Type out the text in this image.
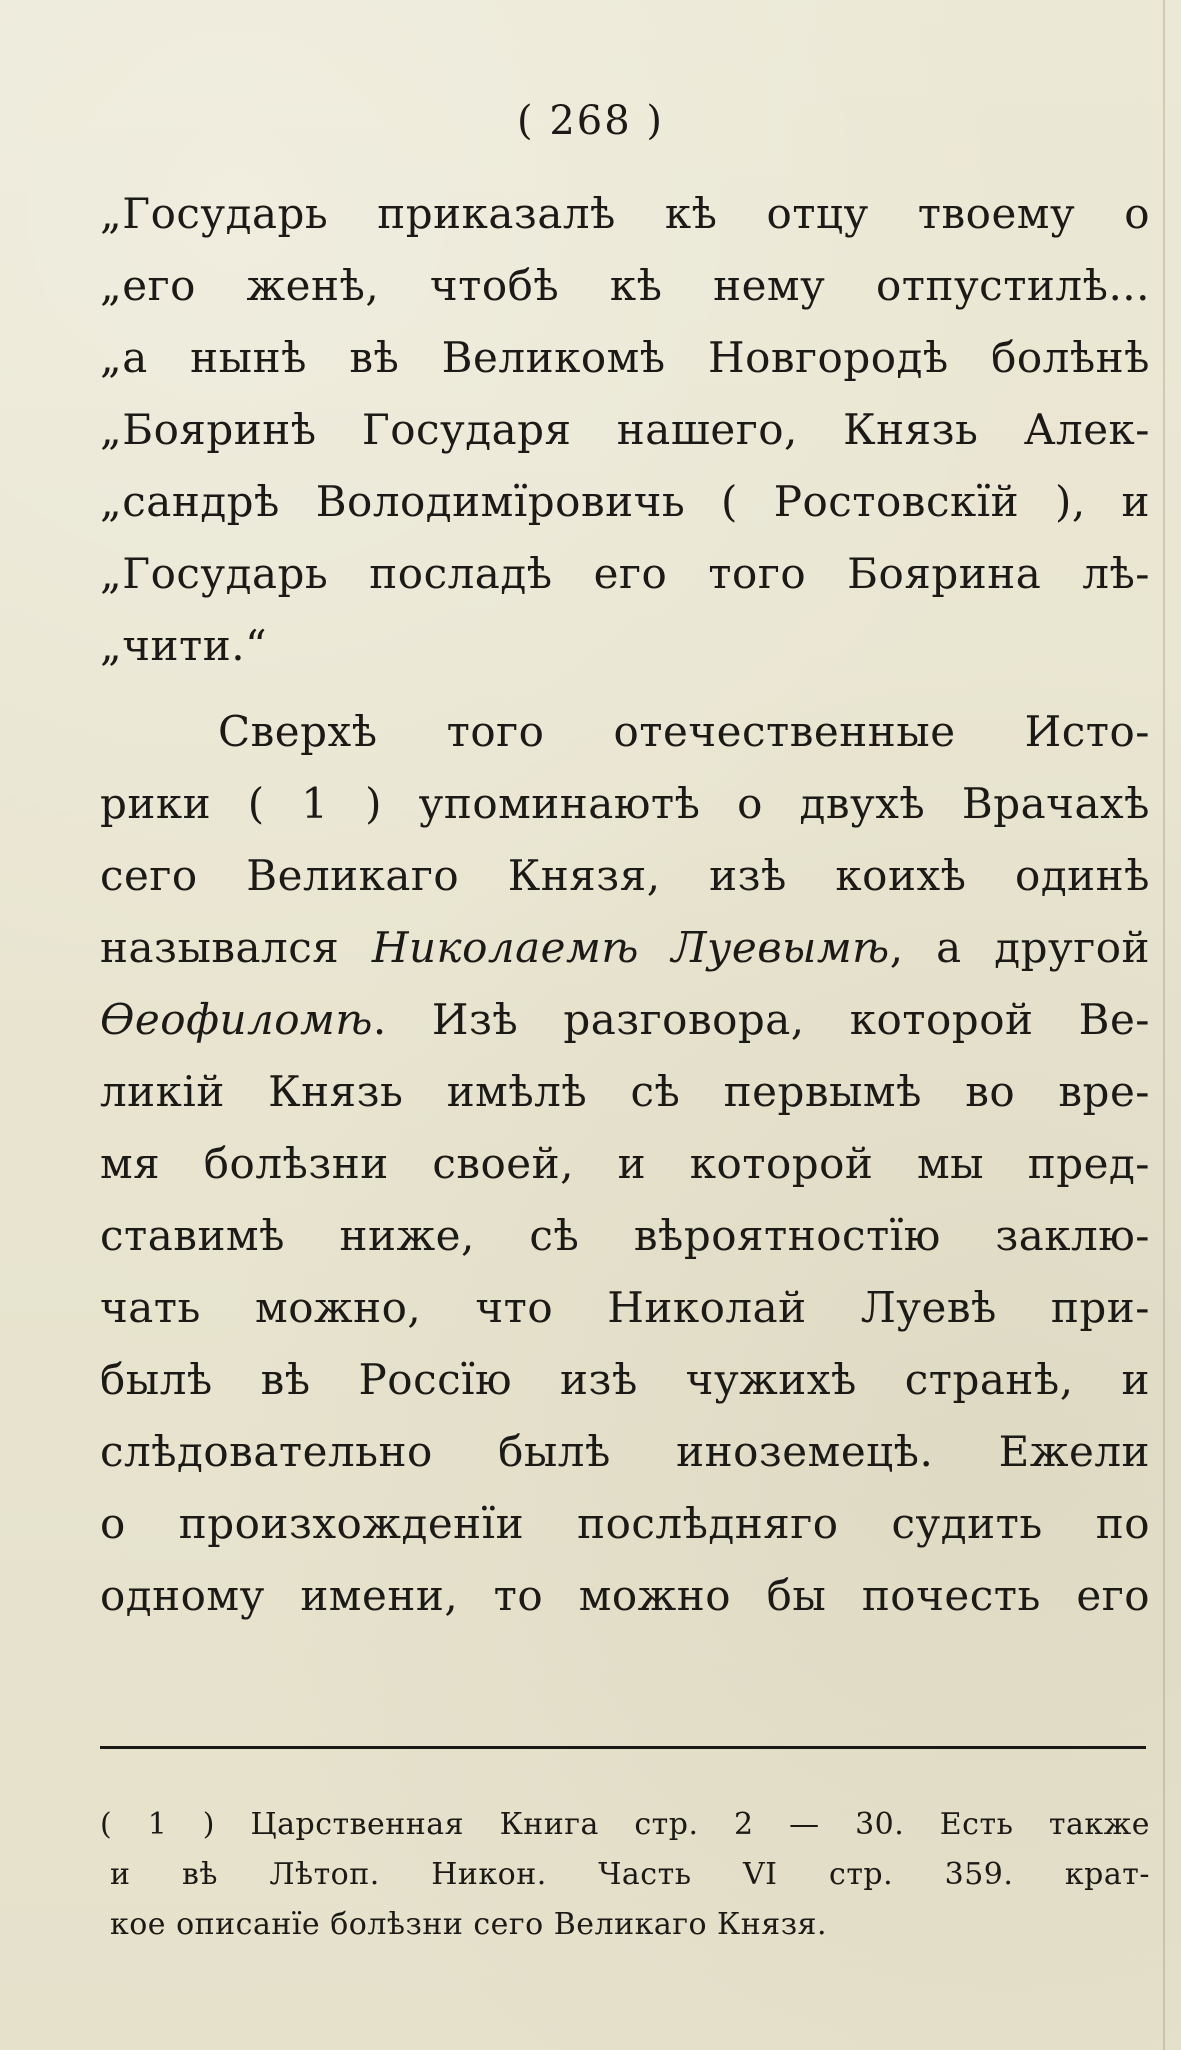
( 268 )
„Государь приказалѣ кѣ отцу твоему о
„его женѣ, чтобѣ кѣ нему отпустилѣ...
„а нынѣ вѣ Великомѣ Новгородѣ болѣнѣ
„Бояринѣ Государя нашего, Князь Алек-
„сандрѣ Володимїровичь ( Ростовскїй ), и
„Государь посладѣ его того Боярина лѣ-
„чити.“
Сверхѣ того отечественные Исто-
рики ( 1 ) упоминаютѣ о двухѣ Врачахѣ
сего Великаго Князя, изѣ коихѣ одинѣ
назывался Николаемѣ Луевымѣ, а другой
Өеофиломѣ. Изѣ разговора, которой Ве-
ликій Князь имѣлѣ сѣ первымѣ во вре-
мя болѣзни своей, и которой мы пред-
ставимѣ ниже, сѣ вѣроятностїю заклю-
чать можно, что Николай Луевѣ при-
былѣ вѣ Россїю изѣ чужихѣ странѣ, и
слѣдовательно былѣ иноземецѣ. Ежели
о произхожденїи послѣдняго судить по
одному имени, то можно бы почесть его
( 1 ) Царственная Книга стр. 2 — 30. Есть также
и вѣ Лѣтоп. Никон. Часть VI стр. 359. крат-
кое описанїе болѣзни сего Великаго Князя.
